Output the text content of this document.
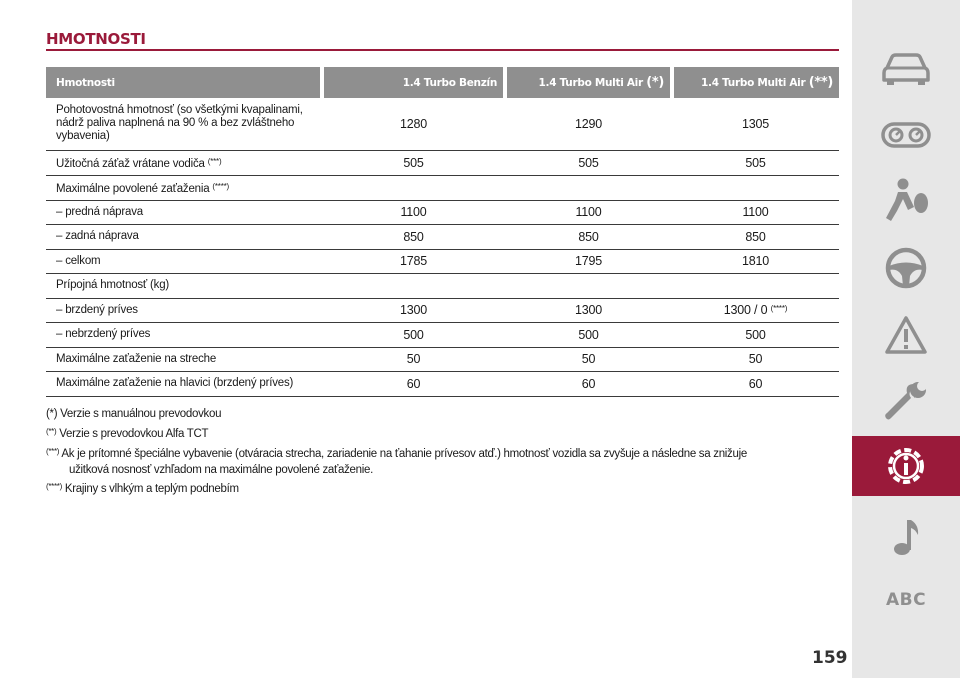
HMOTNOSTI
Hmotnosti	1.4 Turbo Benzín	1.4 Turbo Multi Air (*)	1.4 Turbo Multi Air (**)
Pohotovostná hmotnosť (so všetkými kvapalinami, nádrž paliva naplnená na 90 % a bez zvláštneho vybavenia)	1280	1290	1305
Užitočná záťaž vrátane vodiča (***)	505	505	505
Maximálne povolené zaťaženia (****)			
– predná náprava	1100	1100	1100
– zadná náprava	850	850	850
– celkom	1785	1795	1810
Prípojná hmotnosť (kg)			
– brzdený príves	1300	1300	1300 / 0 (****)
– nebrzdený príves	500	500	500
Maximálne zaťaženie na streche	50	50	50
Maximálne zaťaženie na hlavici (brzdený príves)	60	60	60
(*) Verzie s manuálnou prevodovkou
(**) Verzie s prevodovkou Alfa TCT
(***) Ak je prítomné špeciálne vybavenie (otváracia strecha, zariadenie na ťahanie prívesov atď.) hmotnosť vozidla sa zvyšuje a následne sa znižuje
užitková nosnosť vzhľadom na maximálne povolené zaťaženie.
(****) Krajiny s vlhkým a teplým podnebím
ABC
159
